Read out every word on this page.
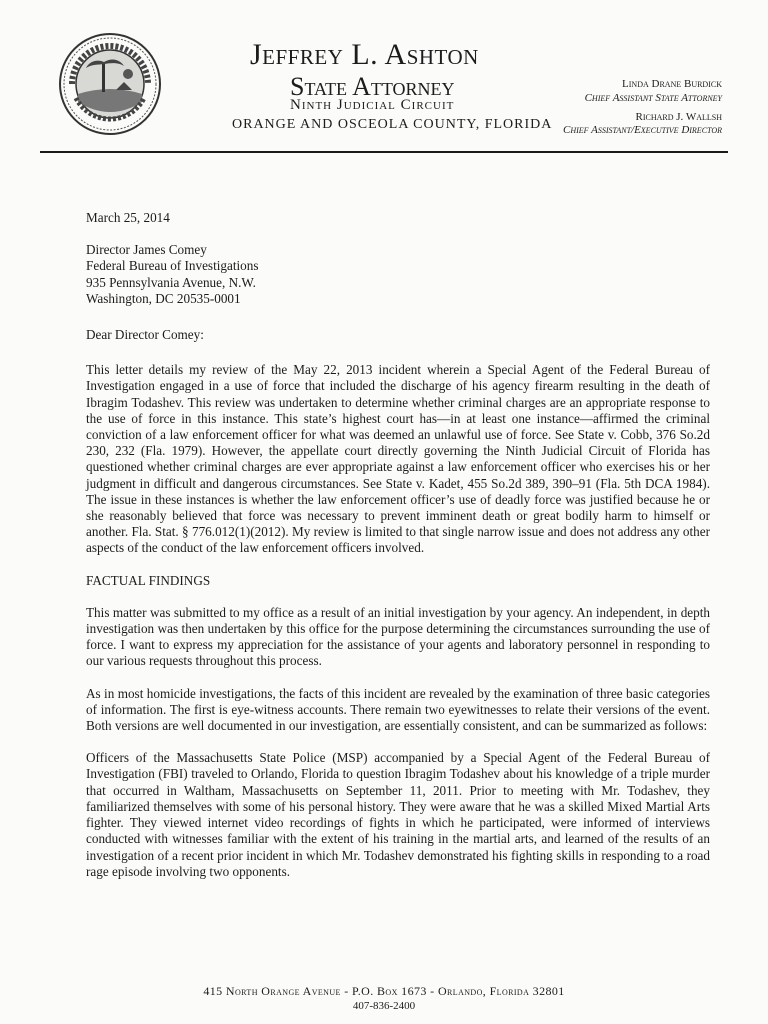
Jeffrey L. Ashton
State Attorney
Ninth Judicial Circuit
ORANGE AND OSCEOLA COUNTY, FLORIDA
Linda Drane Burdick
Chief Assistant State Attorney
Richard J. Wallsh
Chief Assistant/Executive Director

March 25, 2014

Director James Comey

Federal Bureau of Investigations

935 Pennsylvania Avenue, N.W.

Washington, DC 20535-0001

Dear Director Comey:

This letter details my review of the May 22, 2013 incident wherein a Special Agent of the Federal Bureau of Investigation engaged in a use of force that included the discharge of his agency firearm resulting in the death of Ibragim Todashev. This review was undertaken to determine whether criminal charges are an appropriate response to the use of force in this instance. This state’s highest court has—in at least one instance—affirmed the criminal conviction of a law enforcement officer for what was deemed an unlawful use of force. See State v. Cobb, 376 So.2d 230, 232 (Fla. 1979). However, the appellate court directly governing the Ninth Judicial Circuit of Florida has questioned whether criminal charges are ever appropriate against a law enforcement officer who exercises his or her judgment in difficult and dangerous circumstances. See State v. Kadet, 455 So.2d 389, 390–91 (Fla. 5th DCA 1984). The issue in these instances is whether the law enforcement officer’s use of deadly force was justified because he or she reasonably believed that force was necessary to prevent imminent death or great bodily harm to himself or another. Fla. Stat. § 776.012(1)(2012). My review is limited to that single narrow issue and does not address any other aspects of the conduct of the law enforcement officers involved.

FACTUAL FINDINGS

This matter was submitted to my office as a result of an initial investigation by your agency. An independent, in depth investigation was then undertaken by this office for the purpose determining the circumstances surrounding the use of force. I want to express my appreciation for the assistance of your agents and laboratory personnel in responding to our various requests throughout this process.

As in most homicide investigations, the facts of this incident are revealed by the examination of three basic categories of information. The first is eye-witness accounts. There remain two eyewitnesses to relate their versions of the event. Both versions are well documented in our investigation, are essentially consistent, and can be summarized as follows:

Officers of the Massachusetts State Police (MSP) accompanied by a Special Agent of the Federal Bureau of Investigation (FBI) traveled to Orlando, Florida to question Ibragim Todashev about his knowledge of a triple murder that occurred in Waltham, Massachusetts on September 11, 2011. Prior to meeting with Mr. Todashev, they familiarized themselves with some of his personal history. They were aware that he was a skilled Mixed Martial Arts fighter. They viewed internet video recordings of fights in which he participated, were informed of interviews conducted with witnesses familiar with the extent of his training in the martial arts, and learned of the results of an investigation of a recent prior incident in which Mr. Todashev demonstrated his fighting skills in responding to a road rage episode involving two opponents.

415 North Orange Avenue - P.O. Box 1673 - Orlando, Florida 32801
407-836-2400
